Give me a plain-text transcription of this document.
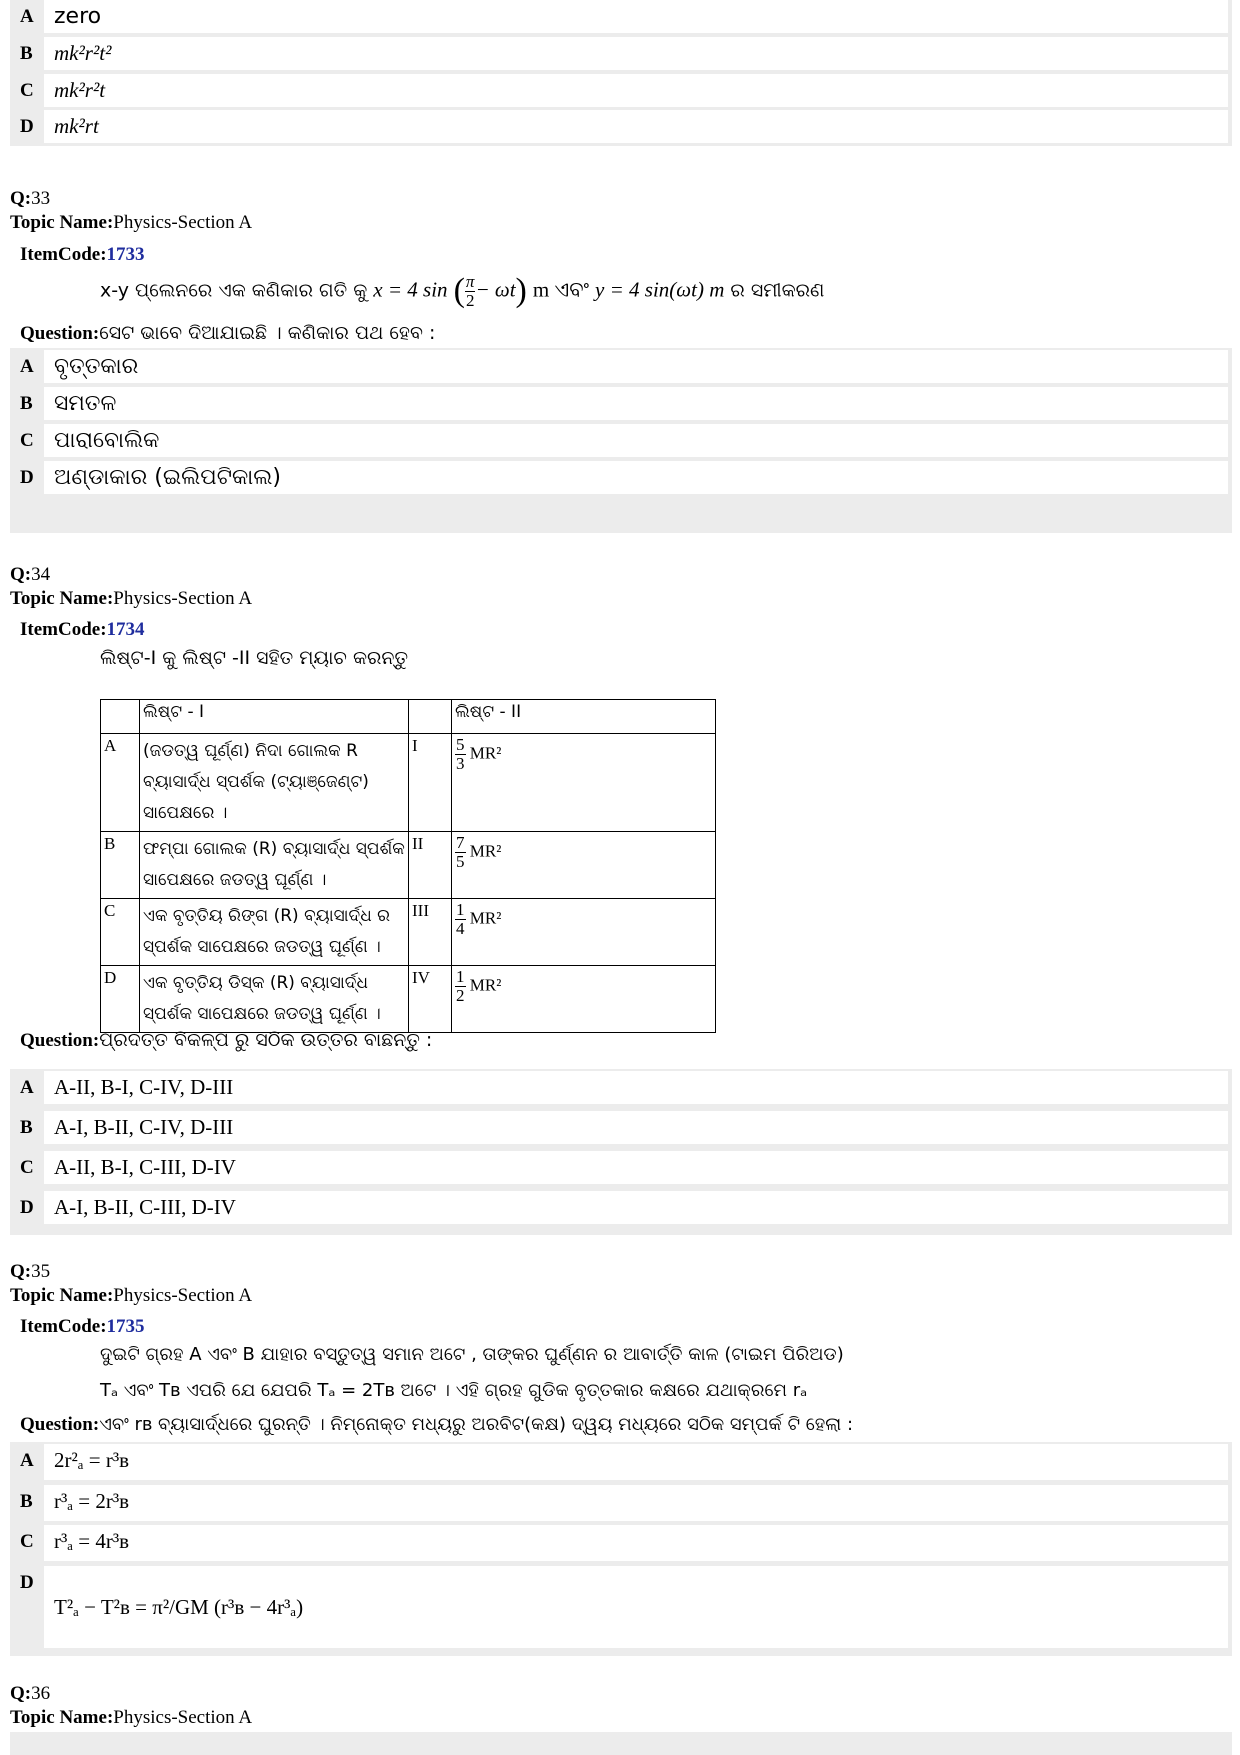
A zero
B	mk²r²t²
C mk²r²t
D mk²rt
Q:33
Topic Name:Physics-Section A
ItemCode:1733
x-y ପ୍ଲେନରେ ଏକ କଣିକାର ଗତି କୁ x = 4 sin ( $\frac{\pi}{2} - \omega t$) m ଏବଂ y = 4 sin(ωt) m ର ସମୀକରଣ
Question:ସେଟ ଭାବେ ଦିଆଯାଇଛି । କଣିକାର ପଥ ହେବ :
A ବୃତ୍ତକାର
B ସମତଳ
C ପାରାବୋଲିକ
D ଅଣ୍ଡାକାର (ଇଲିପଟିକାଲ)
Q:34
Topic Name:Physics-Section A
ItemCode:1734
ଲିଷ୍ଟ-I କୁ ଲିଷ୍ଟ -II ସହିତ ମ୍ୟାଚ କରନ୍ତୁ
	ଲିଷ୍ଟ - I		ଲିଷ୍ଟ - II
A	(ଜଡତ୍ୱ ଘୂର୍ଣ୍ଣ) ନିଦା ଗୋଲକ R ବ୍ୟାସାର୍ଦ୍ଧ ସ୍ପର୍ଶକ (ଟ୍ୟାଞ୍ଜେଣ୍ଟ) ସାପେକ୍ଷରେ ।	I	$\frac{5}{3} MR^2$
B	ଫମ୍ପା ଗୋଲକ (R) ବ୍ୟାସାର୍ଦ୍ଧ ସ୍ପର୍ଶକ ସାପେକ୍ଷରେ ଜଡତ୍ୱ ଘୂର୍ଣ୍ଣ ।	II	$\frac{7}{5} MR^2$
C	ଏକ ବୃତ୍ତିୟ ରିଙ୍ଗ (R) ବ୍ୟାସାର୍ଦ୍ଧ ର ସ୍ପର୍ଶକ ସାପେକ୍ଷରେ ଜଡତ୍ୱ ଘୂର୍ଣ୍ଣ ।	III	$\frac{1}{4} MR^2$
D	ଏକ ବୃତ୍ତିୟ ଡିସ୍କ (R) ବ୍ୟାସାର୍ଦ୍ଧ ସ୍ପର୍ଶକ ସାପେକ୍ଷରେ ଜଡତ୍ୱ ଘୂର୍ଣ୍ଣ ।	IV	$\frac{1}{2} MR^2$
Question:ପ୍ରଦତ୍ତ ବିକଳ୍ପ ରୁ ସଠିକ ଉତ୍ତର ବାଛନ୍ତୁ :
A A-II, B-I, C-IV, D-III
B	A-I, B-II, C-IV, D-III
C A-II, B-I, C-III, D-IV
D A-I, B-II, C-III, D-IV
Q:35
Topic Name:Physics-Section A
ItemCode:1735
ଦୁଇଟି ଗ୍ରହ A ଏବଂ B ଯାହାର ବସ୍ତୁତ୍ୱ ସମାନ ଅଟେ , ତାଙ୍କର ଘୁର୍ଣ୍ଣନ ର ଆବାର୍ତ୍ତି କାଳ (ଟାଇମ ପିରିଅଡ)
Tₐ ଏବଂ Tʙ ଏପରି ଯେ ଯେପରି Tₐ = 2Tʙ ଅଟେ । ଏହି ଗ୍ରହ ଗୁଡିକ ବୃତ୍ତକାର କକ୍ଷରେ ଯଥାକ୍ରମେ rₐ
Question:ଏବଂ rʙ ବ୍ୟାସାର୍ଦ୍ଧରେ ଘୁରନ୍ତି । ନିମ୍ନୋକ୍ତ ମଧ୍ୟରୁ ଅରବିଟ(କକ୍ଷ) ଦ୍ୱୟ ମଧ୍ୟରେ ସଠିକ ସମ୍ପର୍କ ଟି ହେଲା :
A 2r²ₐ = r³ʙ
B	r³ₐ = 2r³ʙ
C r³ₐ = 4r³ʙ
D
T²ₐ − T²ʙ = π²/GM (r³ʙ − 4r³ₐ)
Q:36
Topic Name:Physics-Section A
